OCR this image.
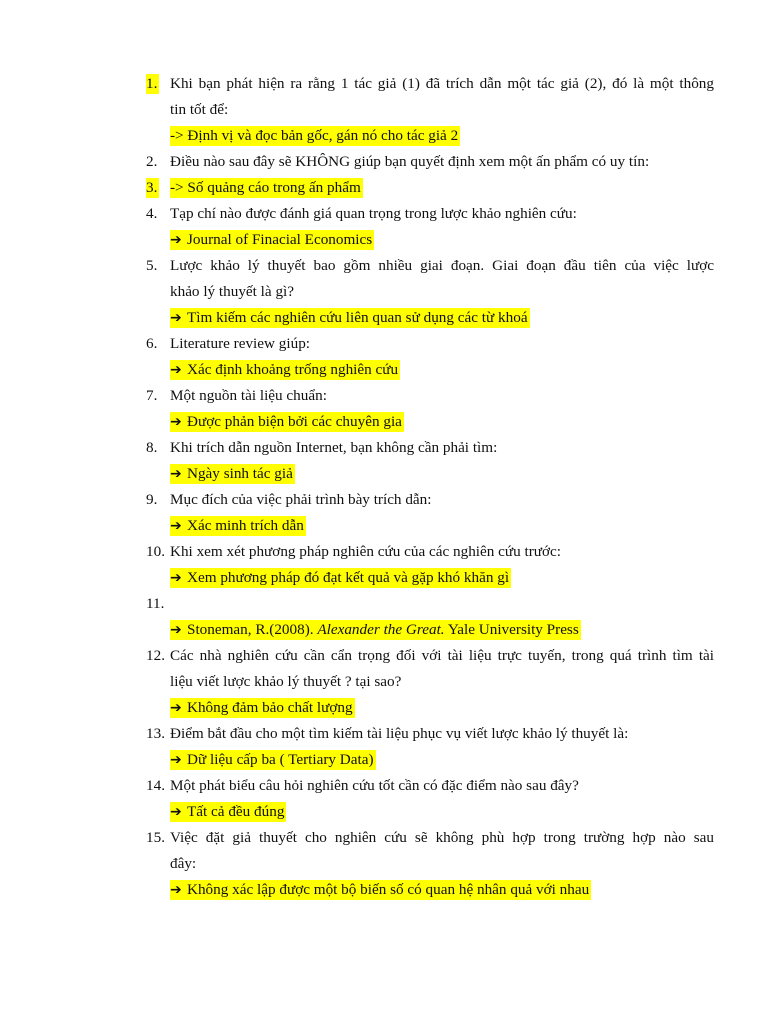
1. Khi bạn phát hiện ra rằng 1 tác giả (1) đã trích dẫn một tác giả (2), đó là một thông
tin tốt để:
-> Định vị và đọc bản gốc, gán nó cho tác giả 2
2. Điều nào sau đây sẽ KHÔNG giúp bạn quyết định xem một ấn phẩm có uy tín:
3. -> Số quảng cáo trong ấn phẩm
4. Tạp chí nào được đánh giá quan trọng trong lược khảo nghiên cứu:
➔ Journal of Finacial Economics
5. Lược khảo lý thuyết bao gồm nhiều giai đoạn. Giai đoạn đầu tiên của việc lược
khảo lý thuyết là gì?
➔ Tìm kiếm các nghiên cứu liên quan sử dụng các từ khoá
6. Literature review giúp:
➔ Xác định khoảng trống nghiên cứu
7. Một nguồn tài liệu chuẩn:
➔ Được phản biện bởi các chuyên gia
8. Khi trích dẫn nguồn Internet, bạn không cần phải tìm:
➔ Ngày sinh tác giả
9. Mục đích của việc phải trình bày trích dẫn:
➔ Xác minh trích dẫn
10. Khi xem xét phương pháp nghiên cứu của các nghiên cứu trước:
➔ Xem phương pháp đó đạt kết quả và gặp khó khăn gì
11.
➔ Stoneman, R.(2008). Alexander the Great. Yale University Press
12. Các nhà nghiên cứu cần cẩn trọng đối với tài liệu trực tuyến, trong quá trình tìm tài
liệu viết lược khảo lý thuyết ? tại sao?
➔ Không đảm bảo chất lượng
13. Điểm bắt đầu cho một tìm kiếm tài liệu phục vụ viết lược khảo lý thuyết là:
➔ Dữ liệu cấp ba ( Tertiary Data)
14. Một phát biểu câu hỏi nghiên cứu tốt cần có đặc điểm nào sau đây?
➔ Tất cả đều đúng
15. Việc đặt giả thuyết cho nghiên cứu sẽ không phù hợp trong trường hợp nào sau
đây:
➔ Không xác lập được một bộ biến số có quan hệ nhân quả với nhau
